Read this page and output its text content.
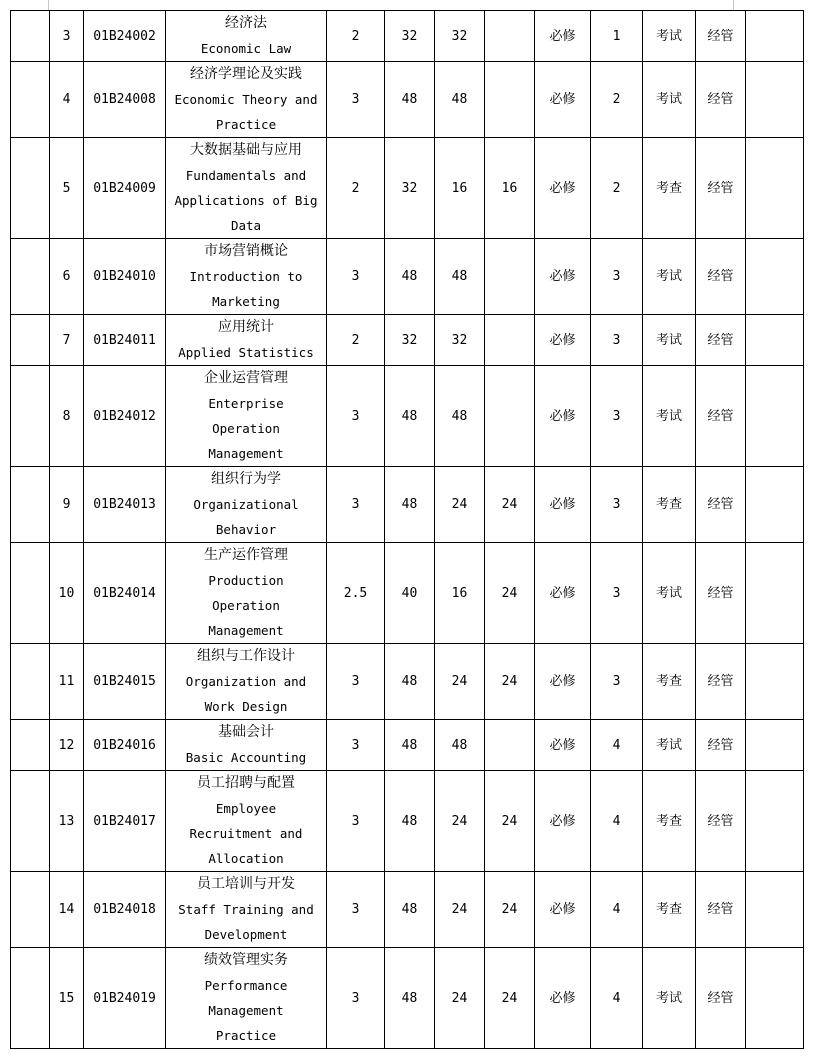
	3	01B24002	经济法
Economic Law	2	32	32		必修	1	考试	经管	
	4	01B24008	经济学理论及实践
Economic Theory and
Practice	3	48	48		必修	2	考试	经管	
	5	01B24009	大数据基础与应用
Fundamentals and
Applications of Big
Data	2	32	16	16	必修	2	考查	经管	
	6	01B24010	市场营销概论
Introduction to
Marketing	3	48	48		必修	3	考试	经管	
	7	01B24011	应用统计
Applied Statistics	2	32	32		必修	3	考试	经管	
	8	01B24012	企业运营管理
Enterprise
Operation
Management	3	48	48		必修	3	考试	经管	
	9	01B24013	组织行为学
Organizational
Behavior	3	48	24	24	必修	3	考查	经管	
	10	01B24014	生产运作管理
Production
Operation
Management	2.5	40	16	24	必修	3	考试	经管	
	11	01B24015	组织与工作设计
Organization and
Work Design	3	48	24	24	必修	3	考查	经管	
	12	01B24016	基础会计
Basic Accounting	3	48	48		必修	4	考试	经管	
	13	01B24017	员工招聘与配置
Employee
Recruitment and
Allocation	3	48	24	24	必修	4	考查	经管	
	14	01B24018	员工培训与开发
Staff Training and
Development	3	48	24	24	必修	4	考查	经管	
	15	01B24019	绩效管理实务
Performance
Management
Practice	3	48	24	24	必修	4	考试	经管	
